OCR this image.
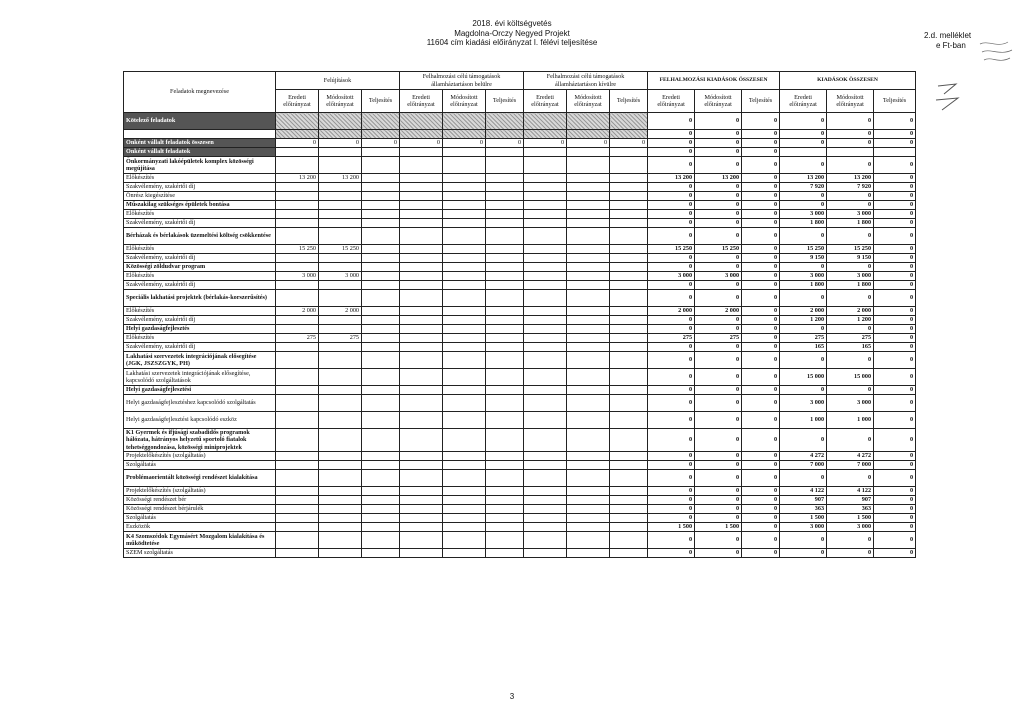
2018. évi költségvetés
Magdolna-Orczy Negyed Projekt
11604 cím kiadási előirányzat I. félévi teljesítése
2.d. melléklet
e Ft-ban
Feladatok megnevezése	Felújítások			Felhalmozási célú támogatások államháztartáson belülre			Felhalmozási célú támogatások államháztartáson kívülre			FELHALMOZÁSI KIADÁSOK ÖSSZESEN			KIADÁSOK ÖSSZESEN		
	Eredeti előirányzat	Módosított előirányzat	Teljesítés	Eredeti előirányzat	Módosított előirányzat	Teljesítés	Eredeti előirányzat	Módosított előirányzat	Teljesítés	Eredeti előirányzat	Módosított előirányzat	Teljesítés	Eredeti előirányzat	Módosított előirányzat	Teljesítés
Kötelező feladatok										0	0	0	0	0	0
										0	0	0	0	0	0
Önként vállalt feladatok összesen	0	0	0	0	0	0	0	0	0	0	0	0	0	0	0
Önként vállalt feladatok										0	0	0			
Önkormányzati lakóépületek komplex közösségi megújítása										0	0	0	0	0	0
Előkészítés	13 200	13 200								13 200	13 200	0	13 200	13 200	0
Szakvélemény, szakértői díj										0	0	0	7 920	7 920	0
Önrész kiegészítése										0	0	0	0	0	0
Műszakilag szükséges épületek bontása										0	0	0	0	0	0
Előkészítés										0	0	0	3 000	3 000	0
Szakvélemény, szakértői díj										0	0	0	1 800	1 800	0
Bérházak és bérlakások üzemeltési költség csökkentése										0	0	0	0	0	0
Előkészítés	15 250	15 250								15 250	15 250	0	15 250	15 250	0
Szakvélemény, szakértői díj										0	0	0	9 150	9 150	0
Közösségi zöldudvar program										0	0	0	0	0	0
Előkészítés	3 000	3 000								3 000	3 000	0	3 000	3 000	0
Szakvélemény, szakértői díj										0	0	0	1 800	1 800	0
Speciális lakhatási projektek (bérlakás-korszerűsítés)										0	0	0	0	0	0
Előkészítés	2 000	2 000								2 000	2 000	0	2 000	2 000	0
Szakvélemény, szakértői díj										0	0	0	1 200	1 200	0
Helyi gazdaságfejlesztés										0	0	0	0	0	0
Előkészítés	275	275								275	275	0	275	275	0
Szakvélemény, szakértői díj										0	0	0	165	165	0
Lakhatási szervezetek integrációjának elősegítése (JGK, JSZSZGYK, PH)										0	0	0	0	0	0
Lakhatási szervezetek integrációjának elősegítése, kapcsolódó szolgáltatások										0	0	0	15 000	15 000	0
Helyi gazdaságfejlesztési										0	0	0	0	0	0
Helyi gazdaságfejlesztéshez kapcsolódó szolgáltatás										0	0	0	3 000	3 000	0
Helyi gazdaságfejlesztési kapcsolódó eszköz										0	0	0	1 000	1 000	0
K1 Gyermek és ifjúsági szabadidős programok hálózata, hátrányos helyzetű sportoló fiatalok tehetséggondozása, közösségi miniprojektek										0	0	0	0	0	0
Projektelőkészítés (szolgáltatás)										0	0	0	4 272	4 272	0
Szolgáltatás										0	0	0	7 000	7 000	0
Problémaorientált közösségi rendészet kialakítása										0	0	0	0	0	0
Projektelőkészítés (szolgáltatás)										0	0	0	4 122	4 122	0
Közösségi rendészet bér										0	0	0	907	907	0
Közösségi rendészet bérjárulék										0	0	0	363	363	0
Szolgáltatás										0	0	0	1 500	1 500	0
Eszközök										1 500	1 500	0	3 000	3 000	0
K4 Szomszédok Egymásért Mozgalom kialakítása és működtetése										0	0	0	0	0	0
SZEM szolgáltatás										0	0	0	0	0	0
3
